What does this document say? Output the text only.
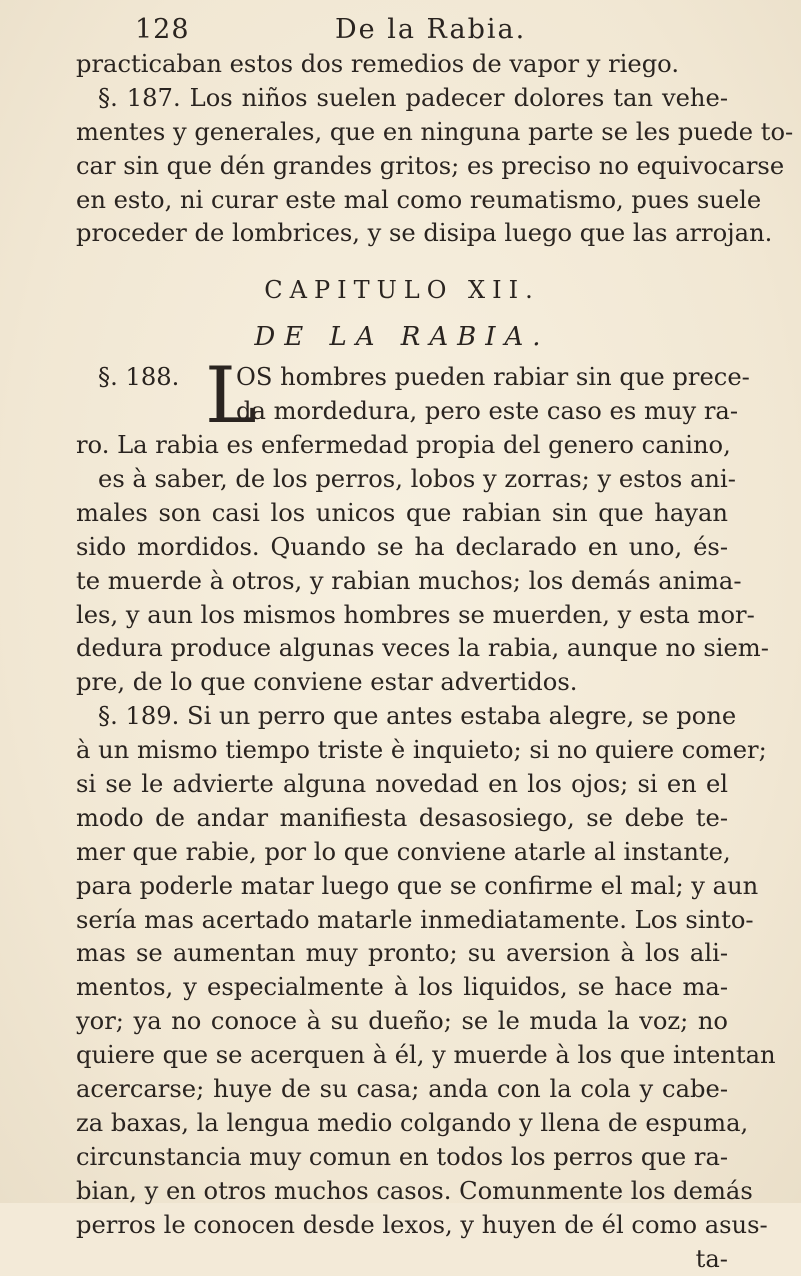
128	De la Rabia.
practicaban estos dos remedios de vapor y riego.
§. 187. Los niños suelen padecer dolores tan vehe-
mentes y generales, que en ninguna parte se les puede to-
car sin que dén grandes gritos; es preciso no equivocarse
en esto, ni curar este mal como reumatismo, pues suele
proceder de lombrices, y se disipa luego que las arrojan.
CAPITULO XII.
DE LA RABIA.
L
§. 188.	OS hombres pueden rabiar sin que prece-
da mordedura, pero este caso es muy ra-
ro. La rabia es enfermedad propia del genero canino,
es à saber, de los perros, lobos y zorras; y estos ani-
males son casi los unicos que rabian sin que hayan
sido mordidos. Quando se ha declarado en uno, és-
te muerde à otros, y rabian muchos; los demás anima-
les, y aun los mismos hombres se muerden, y esta mor-
dedura produce algunas veces la rabia, aunque no siem-
pre, de lo que conviene estar advertidos.
§. 189. Si un perro que antes estaba alegre, se pone
à un mismo tiempo triste è inquieto; si no quiere comer;
si se le advierte alguna novedad en los ojos; si en el
modo de andar manifiesta desasosiego, se debe te-
mer que rabie, por lo que conviene atarle al instante,
para poderle matar luego que se confirme el mal; y aun
sería mas acertado matarle inmediatamente. Los sinto-
mas se aumentan muy pronto; su aversion à los ali-
mentos, y especialmente à los liquidos, se hace ma-
yor; ya no conoce à su dueño; se le muda la voz; no
quiere que se acerquen à él, y muerde à los que intentan
acercarse; huye de su casa; anda con la cola y cabe-
za baxas, la lengua medio colgando y llena de espuma,
circunstancia muy comun en todos los perros que ra-
bian, y en otros muchos casos. Comunmente los demás
perros le conocen desde lexos, y huyen de él como asus-
ta-
